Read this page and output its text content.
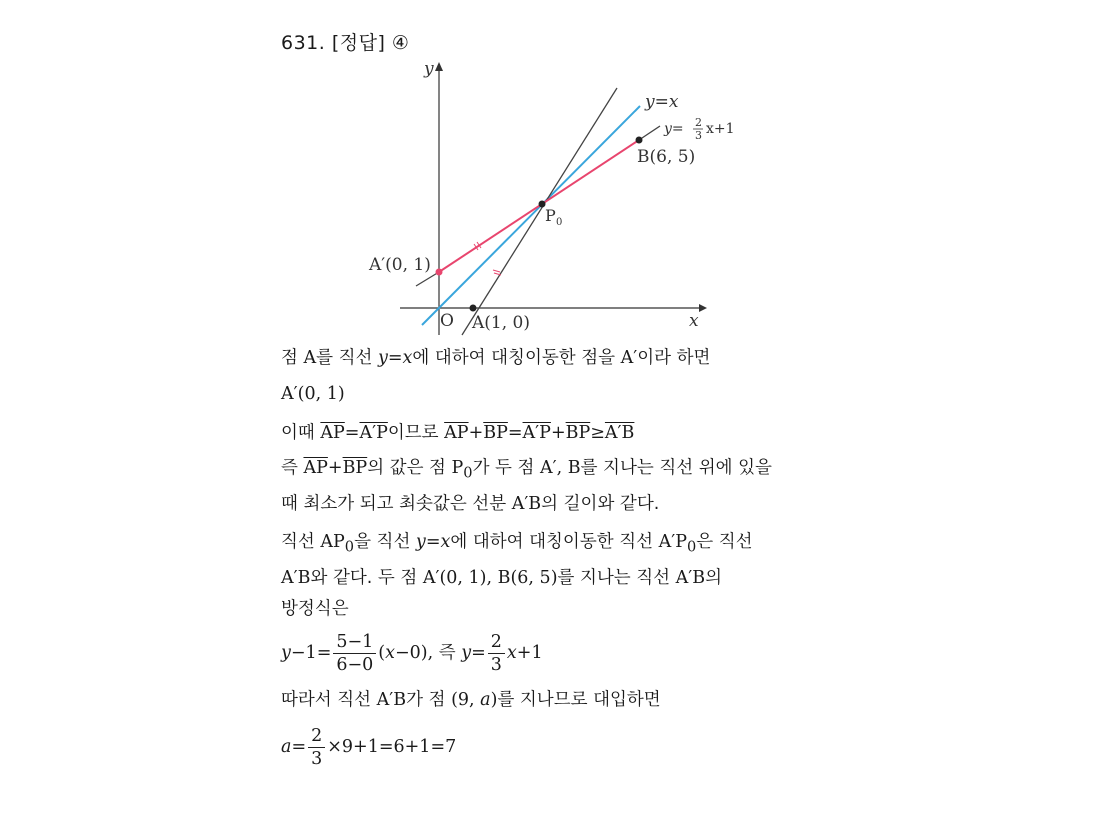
631. [정답] ④
y
x
O
y=x
y= 2
3 x+1
B(6, 5)
P 0
A′(0, 1)
A(1, 0)
점 A를 직선 y=x에 대하여 대칭이동한 점을 A′이라 하면
A′(0, 1)
이때 $\overline{AP}=A'P$이므로 $\overline{AP}+\overline{BP}=A'P+\overline{BP}\ge A'B$
즉 $\overline{AP}+\overline{BP}$의 값은 점 $P_0$가 두 점 A′, B를 지나는 직선 위에 있을
때 최소가 되고 최솟값은 선분 A′B의 길이와 같다.
직선 $AP_0$을 직선 y=x에 대하여 대칭이동한 직선 $A'P_0$은 직선
A′B와 같다. 두 점 A′(0, 1), B(6, 5)를 지나는 직선 A′B의
방정식은
$y-1= \frac{5-1}{6-0} (x-0)$, 즉 $y= \frac{2}{3} x+1$
따라서 직선 A′B가 점 (9, a)를 지나므로 대입하면
$a= \frac{2}{3} \times 9+1=6+1=7$
